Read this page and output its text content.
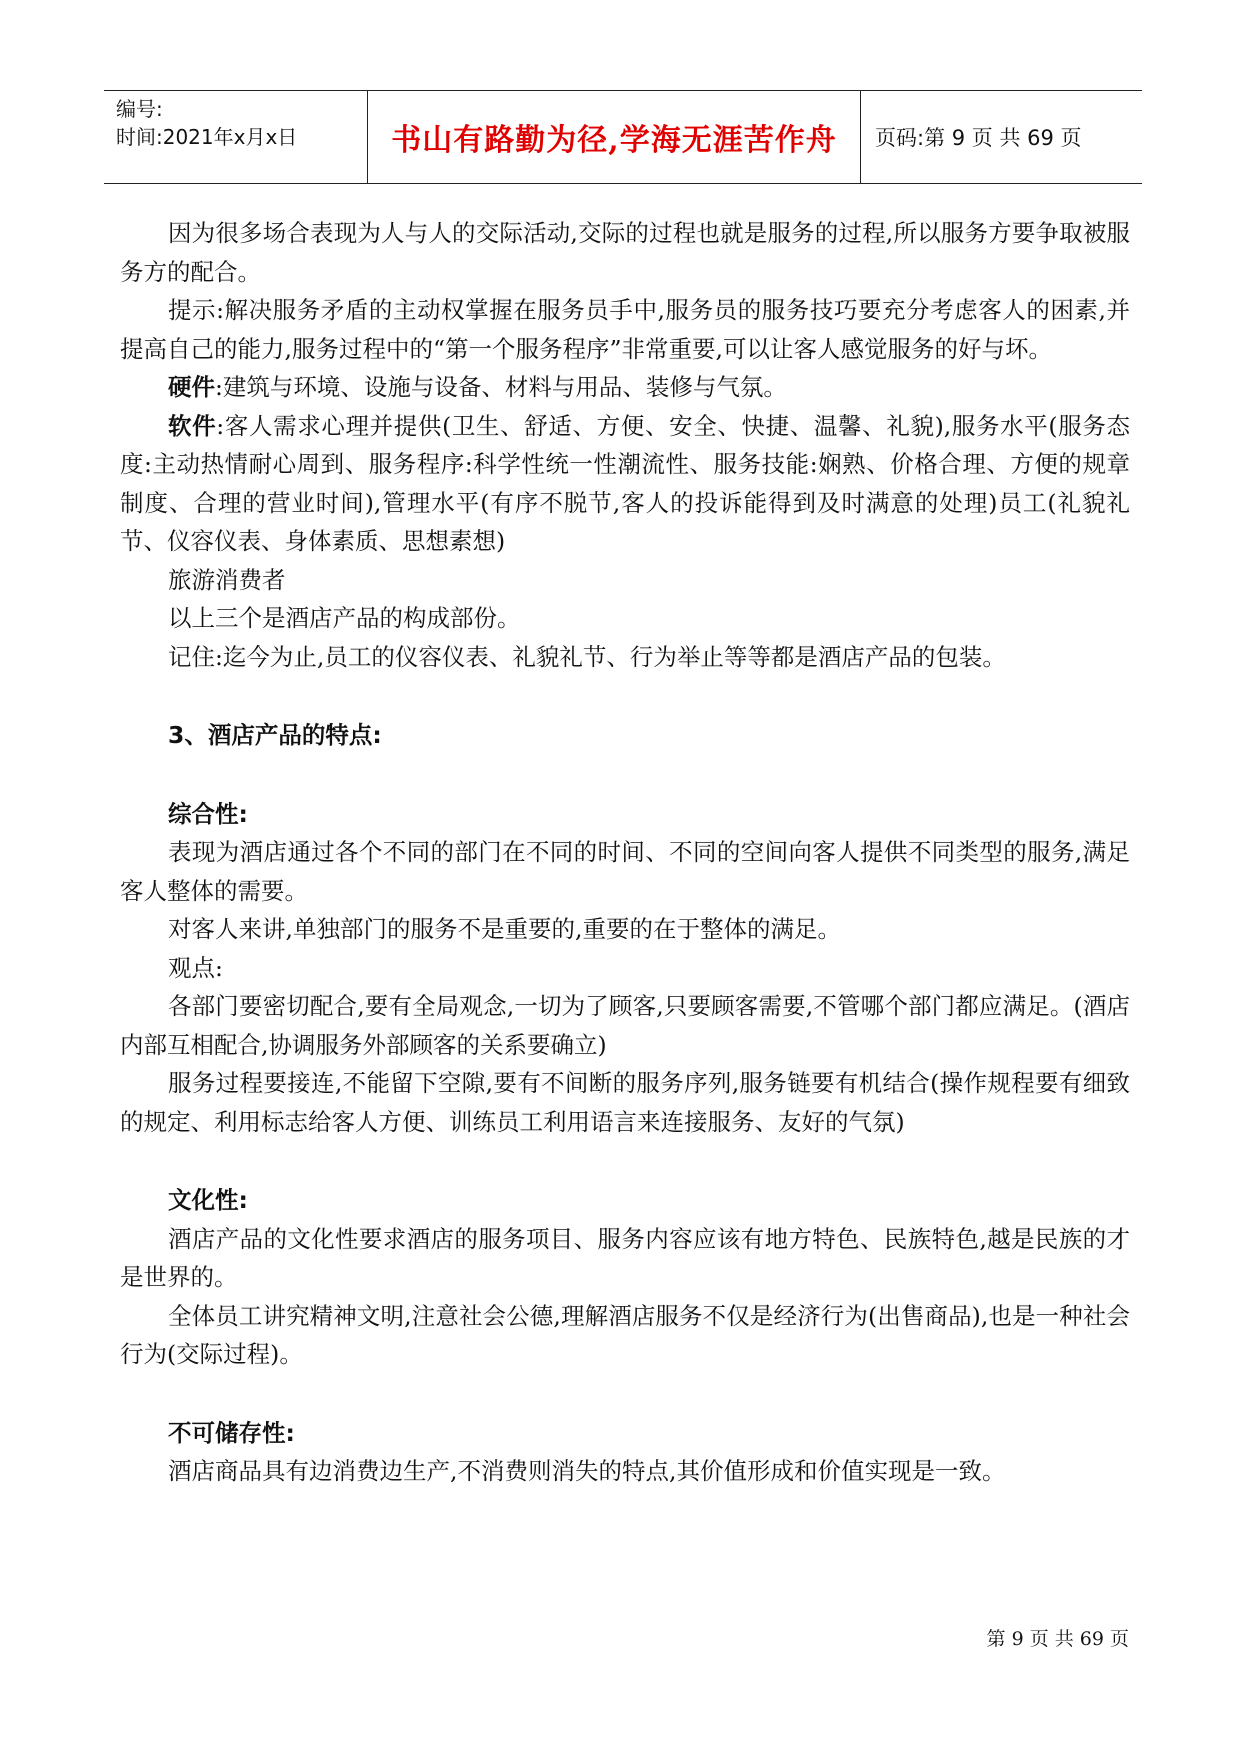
编号:
时间:2021年x月x日	书山有路勤为径,学海无涯苦作舟	页码:第 9 页 共 69 页

因为很多场合表现为人与人的交际活动,交际的过程也就是服务的过程,所以服务方要争取被服务方的配合。

提示:解决服务矛盾的主动权掌握在服务员手中,服务员的服务技巧要充分考虑客人的困素,并提高自己的能力,服务过程中的“第一个服务程序”非常重要,可以让客人感觉服务的好与坏。

硬件:建筑与环境、设施与设备、材料与用品、装修与气氛。

软件:客人需求心理并提供(卫生、舒适、方便、安全、快捷、温馨、礼貌),服务水平(服务态度:主动热情耐心周到、服务程序:科学性统一性潮流性、服务技能:娴熟、价格合理、方便的规章制度、合理的营业时间),管理水平(有序不脱节,客人的投诉能得到及时满意的处理)员工(礼貌礼节、仪容仪表、身体素质、思想素想)

旅游消费者

以上三个是酒店产品的构成部份。

记住:迄今为止,员工的仪容仪表、礼貌礼节、行为举止等等都是酒店产品的包装。

3、酒店产品的特点:

综合性:

表现为酒店通过各个不同的部门在不同的时间、不同的空间向客人提供不同类型的服务,满足客人整体的需要。

对客人来讲,单独部门的服务不是重要的,重要的在于整体的满足。

观点:

各部门要密切配合,要有全局观念,一切为了顾客,只要顾客需要,不管哪个部门都应满足。(酒店内部互相配合,协调服务外部顾客的关系要确立)

服务过程要接连,不能留下空隙,要有不间断的服务序列,服务链要有机结合(操作规程要有细致的规定、利用标志给客人方便、训练员工利用语言来连接服务、友好的气氛)

文化性:

酒店产品的文化性要求酒店的服务项目、服务内容应该有地方特色、民族特色,越是民族的才是世界的。

全体员工讲究精神文明,注意社会公德,理解酒店服务不仅是经济行为(出售商品),也是一种社会行为(交际过程)。

不可储存性:

酒店商品具有边消费边生产,不消费则消失的特点,其价值形成和价值实现是一致。

第 9 页 共 69 页
